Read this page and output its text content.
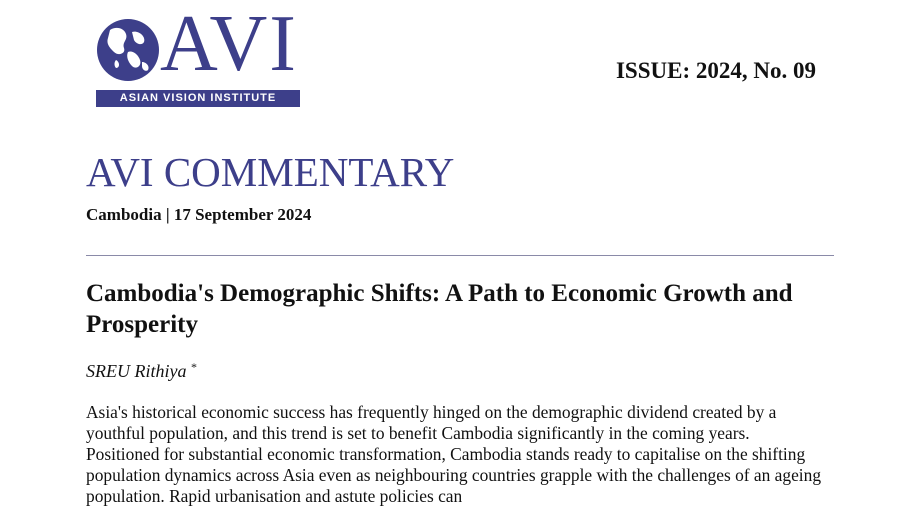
AVI
ASIAN VISION INSTITUTE
ISSUE: 2024, No. 09
AVI COMMENTARY
Cambodia | 17 September 2024
Cambodia's Demographic Shifts: A Path to Economic Growth and Prosperity
SREU Rithiya *

Asia's historical economic success has frequently hinged on the demographic dividend created by a youthful population, and this trend is set to benefit Cambodia significantly in the coming years. Positioned for substantial economic transformation, Cambodia stands ready to capitalise on the shifting population dynamics across Asia even as neighbouring countries grapple with the challenges of an ageing population. Rapid urbanisation and astute policies can
